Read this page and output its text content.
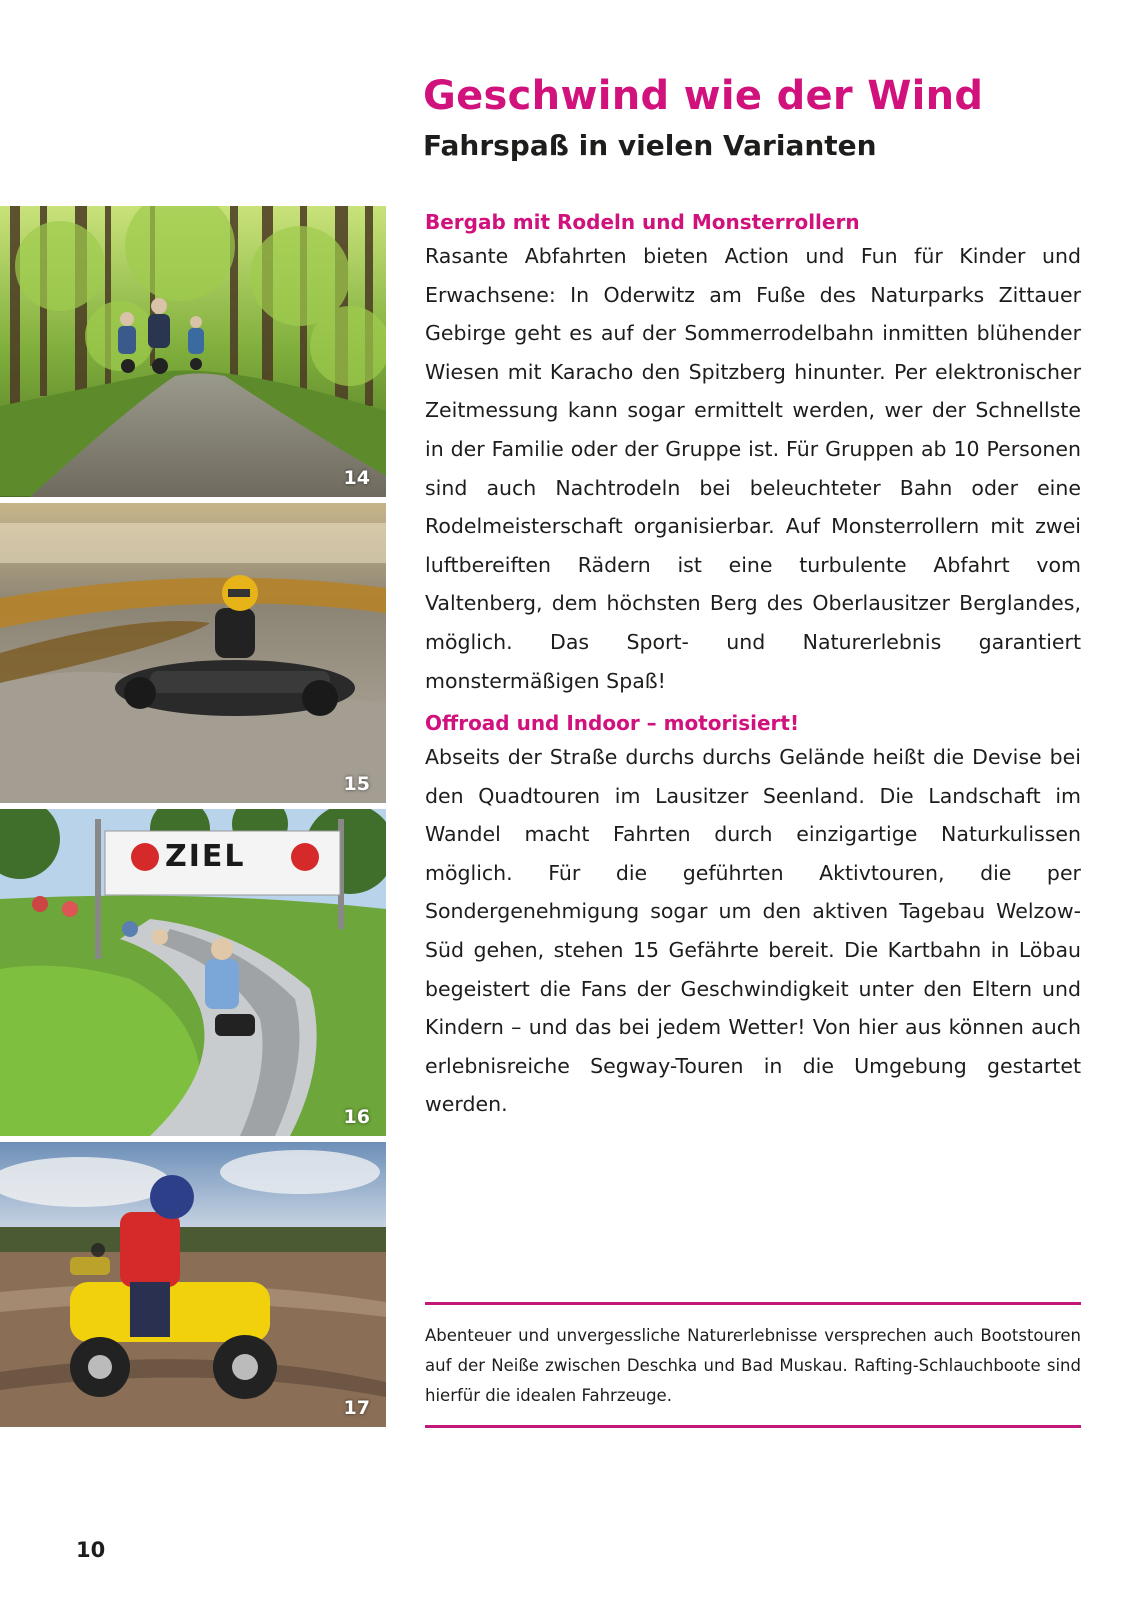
Geschwind wie der Wind
Fahrspaß in vielen Varianten
14
15
ZIEL
16
17
Bergab mit Rodeln und Monsterrollern

Rasante Abfahrten bieten Action und Fun für Kinder und Erwachsene: In Oderwitz am Fuße des Naturparks Zittauer Gebirge geht es auf der Sommerrodelbahn inmitten blühender Wiesen mit Karacho den Spitzberg hinunter. Per elektronischer Zeitmessung kann sogar ermittelt werden, wer der Schnellste in der Familie oder der Gruppe ist. Für Gruppen ab 10 Personen sind auch Nachtrodeln bei beleuchteter Bahn oder eine Rodelmeisterschaft organisierbar. Auf Monsterrollern mit zwei luftbereiften Rädern ist eine turbulente Abfahrt vom Valtenberg, dem höchsten Berg des Oberlausitzer Berglandes, möglich. Das Sport- und Naturerlebnis garantiert monstermäßigen Spaß!

Offroad und Indoor – motorisiert!

Abseits der Straße durchs durchs Gelände heißt die Devise bei den Quadtouren im Lausitzer Seenland. Die Landschaft im Wandel macht Fahrten durch einzigartige Naturkulissen möglich. Für die geführten Aktivtouren, die per Sondergenehmigung sogar um den aktiven Tagebau Welzow-Süd gehen, stehen 15 Gefährte bereit. Die Kartbahn in Löbau begeistert die Fans der Geschwindigkeit unter den Eltern und Kindern – und das bei jedem Wetter! Von hier aus können auch erlebnisreiche Segway-Touren in die Umgebung gestartet werden.

Abenteuer und unvergessliche Naturerlebnisse versprechen auch Bootstouren auf der Neiße zwischen Deschka und Bad Muskau. Rafting-Schlauchboote sind hierfür die idealen Fahrzeuge.

10
